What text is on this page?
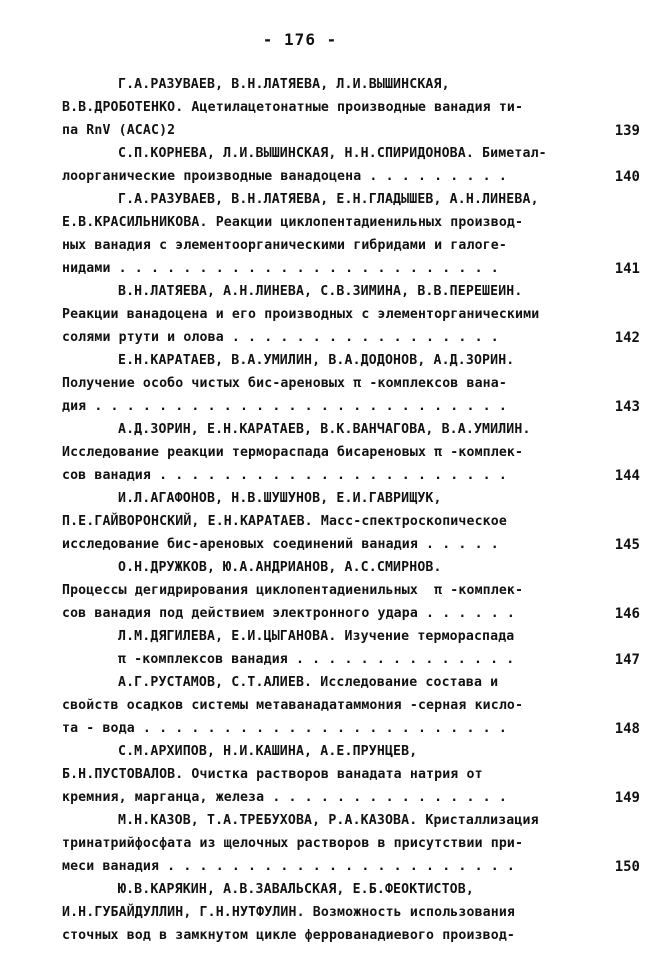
- 176 -
Г.А.РАЗУВАЕВ, В.Н.ЛАТЯЕВА, Л.И.ВЫШИНСКАЯ,
В.В.ДРОБОТЕНКО. Ацетилацетонатные производные ванадия ти-
па RnV (АСАС)2	139
С.П.КОРНЕВА, Л.И.ВЫШИНСКАЯ, Н.Н.СПИРИДОНОВА. Биметал-
лоорганические производные ванадоцена . . . . . . . . .	140
Г.А.РАЗУВАЕВ, В.Н.ЛАТЯЕВА, Е.Н.ГЛАДЫШЕВ, А.Н.ЛИНЕВА,
Е.В.КРАСИЛЬНИКОВА. Реакции циклопентадиенильных производ-
ных ванадия с элементоорганическими гибридами и галоге-
нидами . . . . . . . . . . . . . . . . . . . . . . . .	141
В.Н.ЛАТЯЕВА, А.Н.ЛИНЕВА, С.В.ЗИМИНА, В.В.ПЕРЕШЕИН.
Реакции ванадоцена и его производных с элементорганическими
солями ртути и олова . . . . . . . . . . . . . . . . .	142
Е.Н.КАРАТАЕВ, В.А.УМИЛИН, В.А.ДОДОНОВ, А.Д.ЗОРИН.
Получение особо чистых бис-ареновых π -комплексов вана-
дия . . . . . . . . . . . . . . . . . . . . . . . . . .	143
А.Д.ЗОРИН, Е.Н.КАРАТАЕВ, В.К.ВАНЧАГОВА, В.А.УМИЛИН.
Исследование реакции термораспада бисареновых π -комплек-
сов ванадия . . . . . . . . . . . . . . . . . . . . . .	144
И.Л.АГАФОНОВ, Н.В.ШУШУНОВ, Е.И.ГАВРИЩУК,
П.Е.ГАЙВОРОНСКИЙ, Е.Н.КАРАТАЕВ. Масс-спектроскопическое
исследование бис-ареновых соединений ванадия . . . . .	145
О.Н.ДРУЖКОВ, Ю.А.АНДРИАНОВ, А.С.СМИРНОВ.
Процессы дегидрирования циклопентадиенильных  π -комплек-
сов ванадия под действием электронного удара . . . . . .	146
Л.М.ДЯГИЛЕВА, Е.И.ЦЫГАНОВА. Изучение термораспада
π -комплексов ванадия . . . . . . . . . . . . . .	147
А.Г.РУСТАМОВ, С.Т.АЛИЕВ. Исследование состава и
свойств осадков системы метаванадатаммония -серная кисло-
та - вода . . . . . . . . . . . . . . . . . . . . . . .	148
С.М.АРХИПОВ, Н.И.КАШИНА, А.Е.ПРУНЦЕВ,
Б.Н.ПУСТОВАЛОВ. Очистка растворов ванадата натрия от
кремния, марганца, железа . . . . . . . . . . . . . . .	149
М.Н.КАЗОВ, Т.А.ТРЕБУХОВА, Р.А.КАЗОВА. Кристаллизация
тринатрийфосфата из щелочных растворов в присутствии при-
меси ванадия . . . . . . . . . . . . . . . . . . . . . .	150
Ю.В.КАРЯКИН, А.В.ЗАВАЛЬСКАЯ, Е.Б.ФЕОКТИСТОВ,
И.Н.ГУБАЙДУЛЛИН, Г.Н.НУТФУЛИН. Возможность использования
сточных вод в замкнутом цикле феррованадиевого производ-
